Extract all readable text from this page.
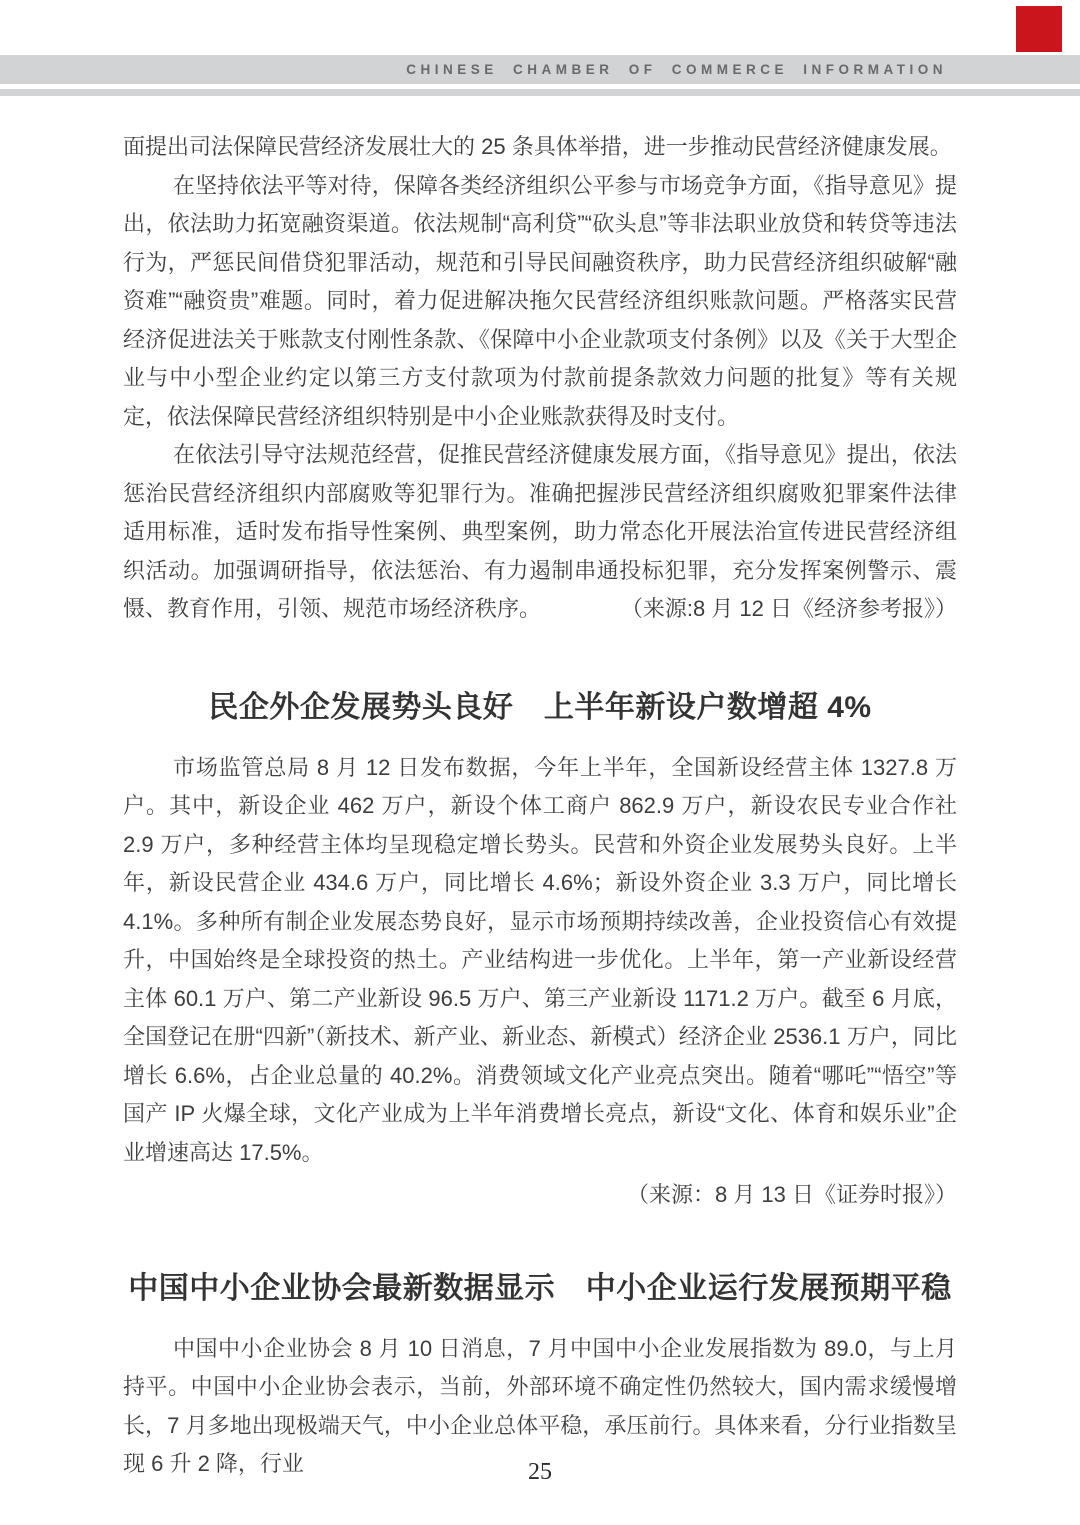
CHINESE CHAMBER OF COMMERCE INFORMATION

面提出司法保障民营经济发展壮大的 25 条具体举措，进一步推动民营经济健康发展。

在坚持依法平等对待，保障各类经济组织公平参与市场竞争方面，《指导意见》提出，依法助力拓宽融资渠道。依法规制“高利贷”“砍头息”等非法职业放贷和转贷等违法行为，严惩民间借贷犯罪活动，规范和引导民间融资秩序，助力民营经济组织破解“融资难”“融资贵”难题。同时，着力促进解决拖欠民营经济组织账款问题。严格落实民营经济促进法关于账款支付刚性条款、《保障中小企业款项支付条例》以及《关于大型企业与中小型企业约定以第三方支付款项为付款前提条款效力问题的批复》等有关规定，依法保障民营经济组织特别是中小企业账款获得及时支付。

在依法引导守法规范经营，促推民营经济健康发展方面，《指导意见》提出，依法惩治民营经济组织内部腐败等犯罪行为。准确把握涉民营经济组织腐败犯罪案件法律适用标准，适时发布指导性案例、典型案例，助力常态化开展法治宣传进民营经济组织活动。加强调研指导，依法惩治、有力遏制串通投标犯罪，充分发挥案例警示、震慑、教育作用，引领、规范市场经济秩序。	（来源:8 月 12 日《经济参考报》）

民企外企发展势头良好　上半年新设户数增超 4%

市场监管总局 8 月 12 日发布数据，今年上半年，全国新设经营主体 1327.8 万户。其中，新设企业 462 万户，新设个体工商户 862.9 万户，新设农民专业合作社 2.9 万户，多种经营主体均呈现稳定增长势头。民营和外资企业发展势头良好。上半年，新设民营企业 434.6 万户，同比增长 4.6%；新设外资企业 3.3 万户，同比增长 4.1%。多种所有制企业发展态势良好，显示市场预期持续改善，企业投资信心有效提升，中国始终是全球投资的热土。产业结构进一步优化。上半年，第一产业新设经营主体 60.1 万户、第二产业新设 96.5 万户、第三产业新设 1171.2 万户。截至 6 月底，全国登记在册“四新”（新技术、新产业、新业态、新模式）经济企业 2536.1 万户，同比增长 6.6%，占企业总量的 40.2%。消费领域文化产业亮点突出。随着“哪吒”“悟空”等国产 IP 火爆全球，文化产业成为上半年消费增长亮点，新设“文化、体育和娱乐业”企业增速高达 17.5%。

（来源：8 月 13 日《证券时报》）

中国中小企业协会最新数据显示　中小企业运行发展预期平稳

中国中小企业协会 8 月 10 日消息，7 月中国中小企业发展指数为 89.0，与上月持平。中国中小企业协会表示，当前，外部环境不确定性仍然较大，国内需求缓慢增长，7 月多地出现极端天气，中小企业总体平稳，承压前行。具体来看，分行业指数呈现 6 升 2 降，行业	25
